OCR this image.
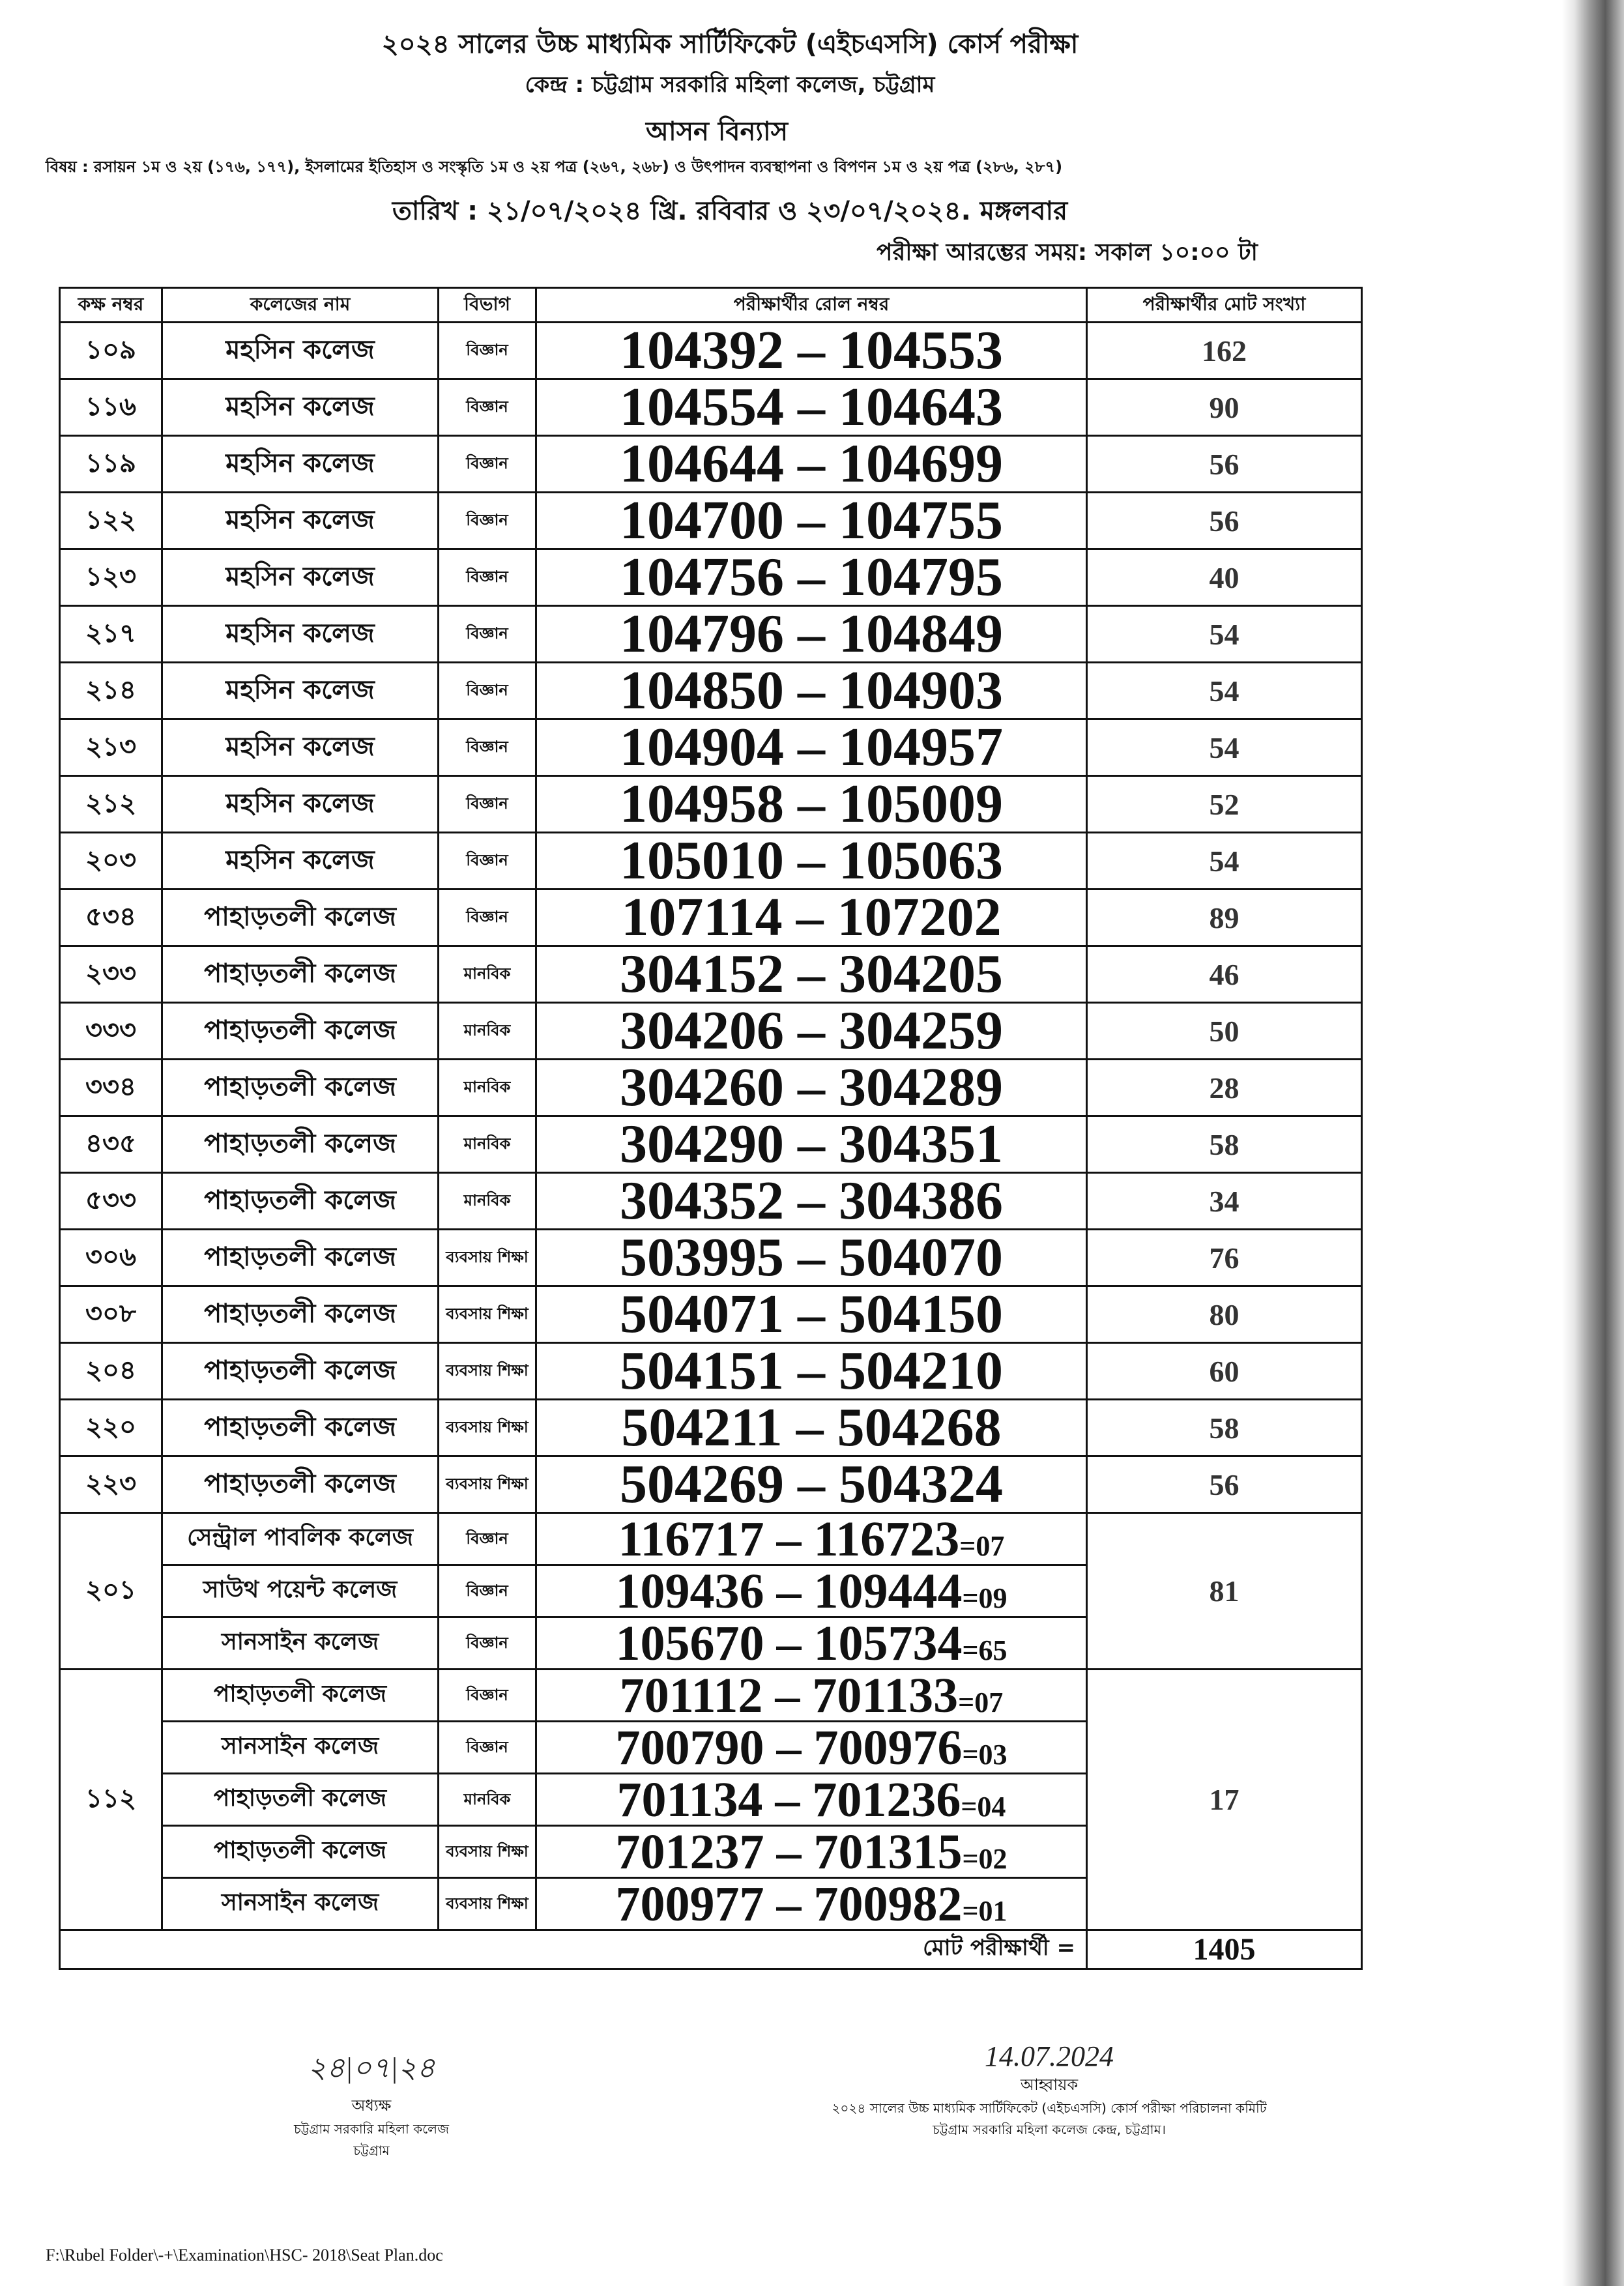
২০২৪ সালের উচ্চ মাধ্যমিক সার্টিফিকেট (এইচএসসি) কোর্স পরীক্ষা
কেন্দ্র : চট্টগ্রাম সরকারি মহিলা কলেজ, চট্টগ্রাম
আসন বিন্যাস
বিষয় : রসায়ন ১ম ও ২য় (১৭৬, ১৭৭), ইসলামের ইতিহাস ও সংস্কৃতি ১ম ও ২য় পত্র (২৬৭, ২৬৮) ও উৎপাদন ব্যবস্থাপনা ও বিপণন ১ম ও ২য় পত্র (২৮৬, ২৮৭)
তারিখ : ২১/০৭/২০২৪ খ্রি. রবিবার ও ২৩/০৭/২০২৪. মঙ্গলবার
পরীক্ষা আরম্ভের সময়: সকাল ১০:০০ টা
কক্ষ নম্বর	কলেজের নাম	বিভাগ	পরীক্ষার্থীর রোল নম্বর	পরীক্ষার্থীর মোট সংখ্যা
১০৯	মহসিন কলেজ	বিজ্ঞান	104392 – 104553	162
১১৬	মহসিন কলেজ	বিজ্ঞান	104554 – 104643	90
১১৯	মহসিন কলেজ	বিজ্ঞান	104644 – 104699	56
১২২	মহসিন কলেজ	বিজ্ঞান	104700 – 104755	56
১২৩	মহসিন কলেজ	বিজ্ঞান	104756 – 104795	40
২১৭	মহসিন কলেজ	বিজ্ঞান	104796 – 104849	54
২১৪	মহসিন কলেজ	বিজ্ঞান	104850 – 104903	54
২১৩	মহসিন কলেজ	বিজ্ঞান	104904 – 104957	54
২১২	মহসিন কলেজ	বিজ্ঞান	104958 – 105009	52
২০৩	মহসিন কলেজ	বিজ্ঞান	105010 – 105063	54
৫৩৪	পাহাড়তলী কলেজ	বিজ্ঞান	107114 – 107202	89
২৩৩	পাহাড়তলী কলেজ	মানবিক	304152 – 304205	46
৩৩৩	পাহাড়তলী কলেজ	মানবিক	304206 – 304259	50
৩৩৪	পাহাড়তলী কলেজ	মানবিক	304260 – 304289	28
৪৩৫	পাহাড়তলী কলেজ	মানবিক	304290 – 304351	58
৫৩৩	পাহাড়তলী কলেজ	মানবিক	304352 – 304386	34
৩০৬	পাহাড়তলী কলেজ	ব্যবসায় শিক্ষা	503995 – 504070	76
৩০৮	পাহাড়তলী কলেজ	ব্যবসায় শিক্ষা	504071 – 504150	80
২০৪	পাহাড়তলী কলেজ	ব্যবসায় শিক্ষা	504151 – 504210	60
২২০	পাহাড়তলী কলেজ	ব্যবসায় শিক্ষা	504211 – 504268	58
২২৩	পাহাড়তলী কলেজ	ব্যবসায় শিক্ষা	504269 – 504324	56
২০১	সেন্ট্রাল পাবলিক কলেজ	বিজ্ঞান	116717 – 116723=07	81
	সাউথ পয়েন্ট কলেজ	বিজ্ঞান	109436 – 109444=09	
	সানসাইন কলেজ	বিজ্ঞান	105670 – 105734=65	
১১২	পাহাড়তলী কলেজ	বিজ্ঞান	701112 – 701133=07	17
	সানসাইন কলেজ	বিজ্ঞান	700790 – 700976=03	
	পাহাড়তলী কলেজ	মানবিক	701134 – 701236=04	
	পাহাড়তলী কলেজ	ব্যবসায় শিক্ষা	701237 – 701315=02	
	সানসাইন কলেজ	ব্যবসায় শিক্ষা	700977 – 700982=01	
মোট পরীক্ষার্থী =				1405
২৪|০৭|২৪
অধ্যক্ষ
চট্টগ্রাম সরকারি মহিলা কলেজ
চট্টগ্রাম
14.07.2024
আহ্বায়ক
২০২৪ সালের উচ্চ মাধ্যমিক সার্টিফিকেট (এইচএসসি) কোর্স পরীক্ষা পরিচালনা কমিটি
চট্টগ্রাম সরকারি মহিলা কলেজ কেন্দ্র, চট্টগ্রাম।
F:\Rubel Folder\-+\Examination\HSC- 2018\Seat Plan.doc
